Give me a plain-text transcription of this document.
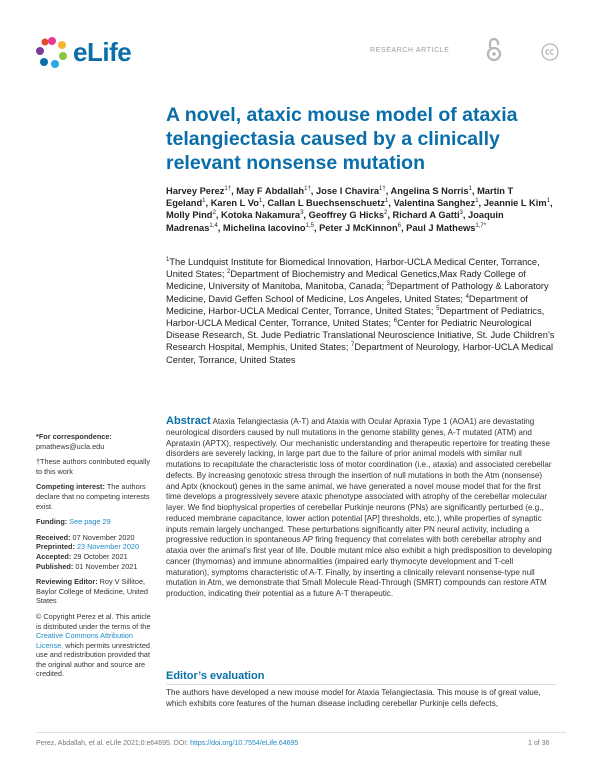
eLife	RESEARCH ARTICLE
A novel, ataxic mouse model of ataxia telangiectasia caused by a clinically relevant nonsense mutation
Harvey Perez$^{1\dagger}$, May F Abdallah$^{1\dagger}$, Jose I Chavira$^{1\dagger}$, Angelina S Norris$^1$, Martin T Egeland$^1$, Karen L Vo$^1$, Callan L Buechsenschuetz$^1$, Valentina Sanghez$^1$, Jeannie L Kim$^1$, Molly Pind$^2$, Kotoka Nakamura$^3$, Geoffrey G Hicks$^2$, Richard A Gatti$^3$, Joaquin Madrenas$^{1,4}$, Michelina Iacovino$^{1,5}$, Peter J McKinnon$^6$, Paul J Mathews$^{1,7*}$
$^1$The Lundquist Institute for Biomedical Innovation, Harbor-UCLA Medical Center, Torrance, United States; $^2$Department of Biochemistry and Medical Genetics,Max Rady College of Medicine, University of Manitoba, Manitoba, Canada; $^3$Department of Pathology & Laboratory Medicine, David Geffen School of Medicine, Los Angeles, United States; $^4$Department of Medicine, Harbor-UCLA Medical Center, Torrance, United States; $^5$Department of Pediatrics, Harbor-UCLA Medical Center, Torrance, United States; $^6$Center for Pediatric Neurological Disease Research, St. Jude Pediatric Translational Neuroscience Initiative, St. Jude Children’s Research Hospital, Memphis, United States; $^7$Department of Neurology, Harbor-UCLA Medical Center, Torrance, United States
*For correspondence:
pmathews@ucla.edu
†These authors contributed equally to this work
Competing interest: The authors declare that no competing interests exist.
Funding: See page 29
Received: 07 November 2020
Preprinted: 23 November 2020
Accepted: 29 October 2021
Published: 01 November 2021
Reviewing Editor: Roy V Sillitoe, Baylor College of Medicine, United States
© Copyright Perez et al. This article is distributed under the terms of the Creative Commons Attribution License, which permits unrestricted use and redistribution provided that the original author and source are credited.
Abstract Ataxia Telangiectasia (A-T) and Ataxia with Ocular Apraxia Type 1 (AOA1) are devastating neurological disorders caused by null mutations in the genome stability genes, A-T mutated (ATM) and Aprataxin (APTX), respectively. Our mechanistic understanding and therapeutic repertoire for treating these disorders are severely lacking, in large part due to the failure of prior animal models with similar null mutations to recapitulate the characteristic loss of motor coordination (i.e., ataxia) and associated cerebellar defects. By increasing genotoxic stress through the insertion of null mutations in both the Atm (nonsense) and Aptx (knockout) genes in the same animal, we have generated a novel mouse model that for the first time develops a progressively severe ataxic phenotype associated with atrophy of the cerebellar molecular layer. We find biophysical properties of cerebellar Purkinje neurons (PNs) are significantly perturbed (e.g., reduced membrane capacitance, lower action potential [AP] thresholds, etc.), while properties of synaptic inputs remain largely unchanged. These perturbations significantly alter PN neural activity, including a progressive reduction in spontaneous AP firing frequency that correlates with both cerebellar atrophy and ataxia over the animal’s first year of life. Double mutant mice also exhibit a high predisposition to developing cancer (thymomas) and immune abnormalities (impaired early thymocyte development and T-cell maturation), symptoms characteristic of A-T. Finally, by inserting a clinically relevant nonsense-type null mutation in Atm, we demonstrate that Small Molecule Read-Through (SMRT) compounds can restore ATM production, indicating their potential as a future A-T therapeutic.
Editor’s evaluation
The authors have developed a new mouse model for Ataxia Telangiectasia. This mouse is of great value, which exhibits core features of the human disease including cerebellar Purkinje cells defects,
Perez, Abdallah, et al. eLife 2021;0:e64695. DOI: https://doi.org/10.7554/eLife.64695	1 of 36
